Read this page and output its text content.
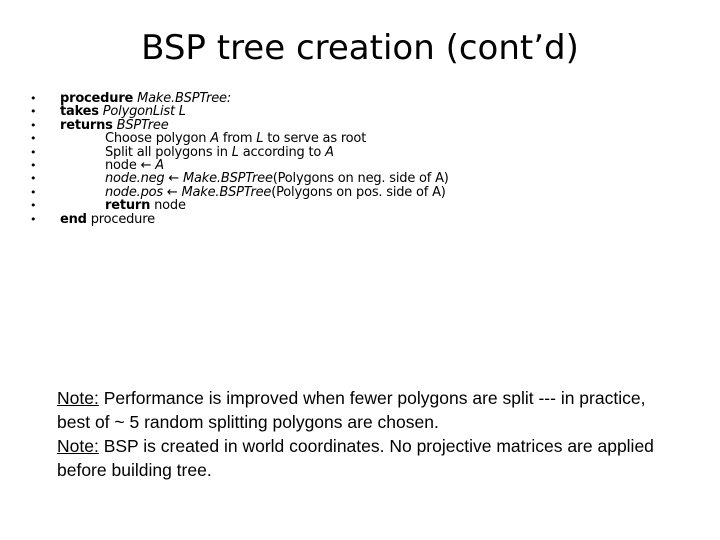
BSP tree creation (cont’d)
• procedure Make.BSPTree:
• takes PolygonList L
• returns BSPTree
•	Choose polygon A from L to serve as root
•	Split all polygons in L according to A
•	node ← A
•	node.neg ← Make.BSPTree(Polygons on neg. side of A)
•	node.pos ← Make.BSPTree(Polygons on pos. side of A)
•	return node
• end procedure
Note: Performance is improved when fewer polygons are split --- in practice, best of ~ 5 random splitting polygons are chosen.
Note: BSP is created in world coordinates. No projective matrices are applied before building tree.
